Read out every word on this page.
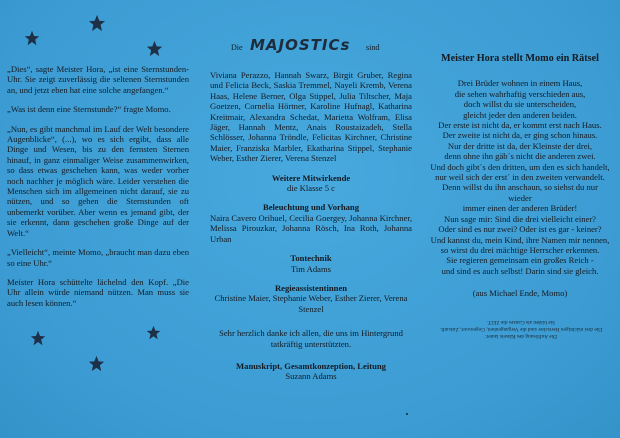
Die MAJOSTICs sind

„Dies“, sagte Meister Hora, „ist eine Sternstunden-Uhr. Sie zeigt zuverlässig die seltenen Sternstunden an, und jetzt eben hat eine solche angefangen.“

„Was ist denn eine Sternstunde?“ fragte Momo.

„Nun, es gibt manchmal im Lauf der Welt besondere Augenblicke“, (...), wo es sich ergibt, dass alle Dinge und Wesen, bis zu den fernsten Sternen hinauf, in ganz einmaliger Weise zusammenwirken, so dass etwas geschehen kann, was weder vorher noch nachher je möglich wäre. Leider verstehen die Menschen sich im allgemeinen nicht darauf, sie zu nützen, und so gehen die Sternstunden oft unbemerkt vorüber. Aber wenn es jemand gibt, der sie erkennt, dann geschehen große Dinge auf der Welt.“

„Vielleicht“, meinte Momo, „braucht man dazu eben so eine Uhr.“

Meister Hora schüttelte lächelnd den Kopf. „Die Uhr allein würde niemand nützen. Man muss sie auch lesen können.“

Viviana Perazzo, Hannah Swarz, Birgit Gruber, Regina und Felicia Beck, Saskia Tremmel, Nayeli Kremb, Verena Haas, Helene Berner, Olga Stippel, Julia Tiltscher, Maja Goetzen, Cornelia Hörtner, Karoline Hufnagl, Katharina Kreitmair, Alexandra Schedat, Marietta Wolfram, Elisa Jäger, Hannah Mentz, Anais Roustaizadeh, Stella Schlösser, Johanna Tröndle, Felicitas Kirchner, Christine Maier, Franziska Marbler, Ekatharina Stippel, Stephanie Weber, Esther Zierer, Verena Stenzel
Weitere Mitwirkende
die Klasse 5 c
Beleuchtung und Vorhang
Naira Cavero Orihuel, Cecilia Goergey, Johanna Kirchner, Melissa Pirouzkar, Johanna Rösch, Ina Roth, Johanna Urban
Tontechnik
Tim Adams
Regieassistentinnen
Christine Maier, Stephanie Weber, Esther Zierer, Verena Stenzel
Sehr herzlich danke ich allen, die uns im Hintergrund tatkräftig unterstützten.
Manuskript, Gesamtkonzeption, Leitung
Suzann Adams
Meister Hora stellt Momo ein Rätsel
Drei Brüder wohnen in einem Haus,
die sehen wahrhaftig verschieden aus,
doch willst du sie unterscheiden,
gleicht jeder den anderen beiden.
Der erste ist nicht da, er kommt erst nach Haus.
Der zweite ist nicht da, er ging schon hinaus.
Nur der dritte ist da, der Kleinste der drei,
denn ohne ihn gäb´s nicht die anderen zwei.
Und doch gibt´s den dritten, um den es sich handelt,
nur weil sich der erst´ in den zweiten verwandelt.
Denn willst du ihn anschaun, so siehst du nur
wieder
immer einen der anderen Brüder!
Nun sage mir: Sind die drei vielleicht einer?
Oder sind es nur zwei? Oder ist es gar - keiner?
Und kannst du, mein Kind, ihre Namen mir nennen,
so wirst du drei mächtige Herrscher erkennen.
Sie regieren gemeinsam ein großes Reich -
und sind es auch selbst! Darin sind sie gleich.
(aus Michael Ende, Momo)
Die Auflösung des Rätsels lautet:
Die drei mächtigen Herrscher sind die Vergangenheit, Gegenwart, Zukunft.
Sie bilden als Ganzes die ZEIT.
